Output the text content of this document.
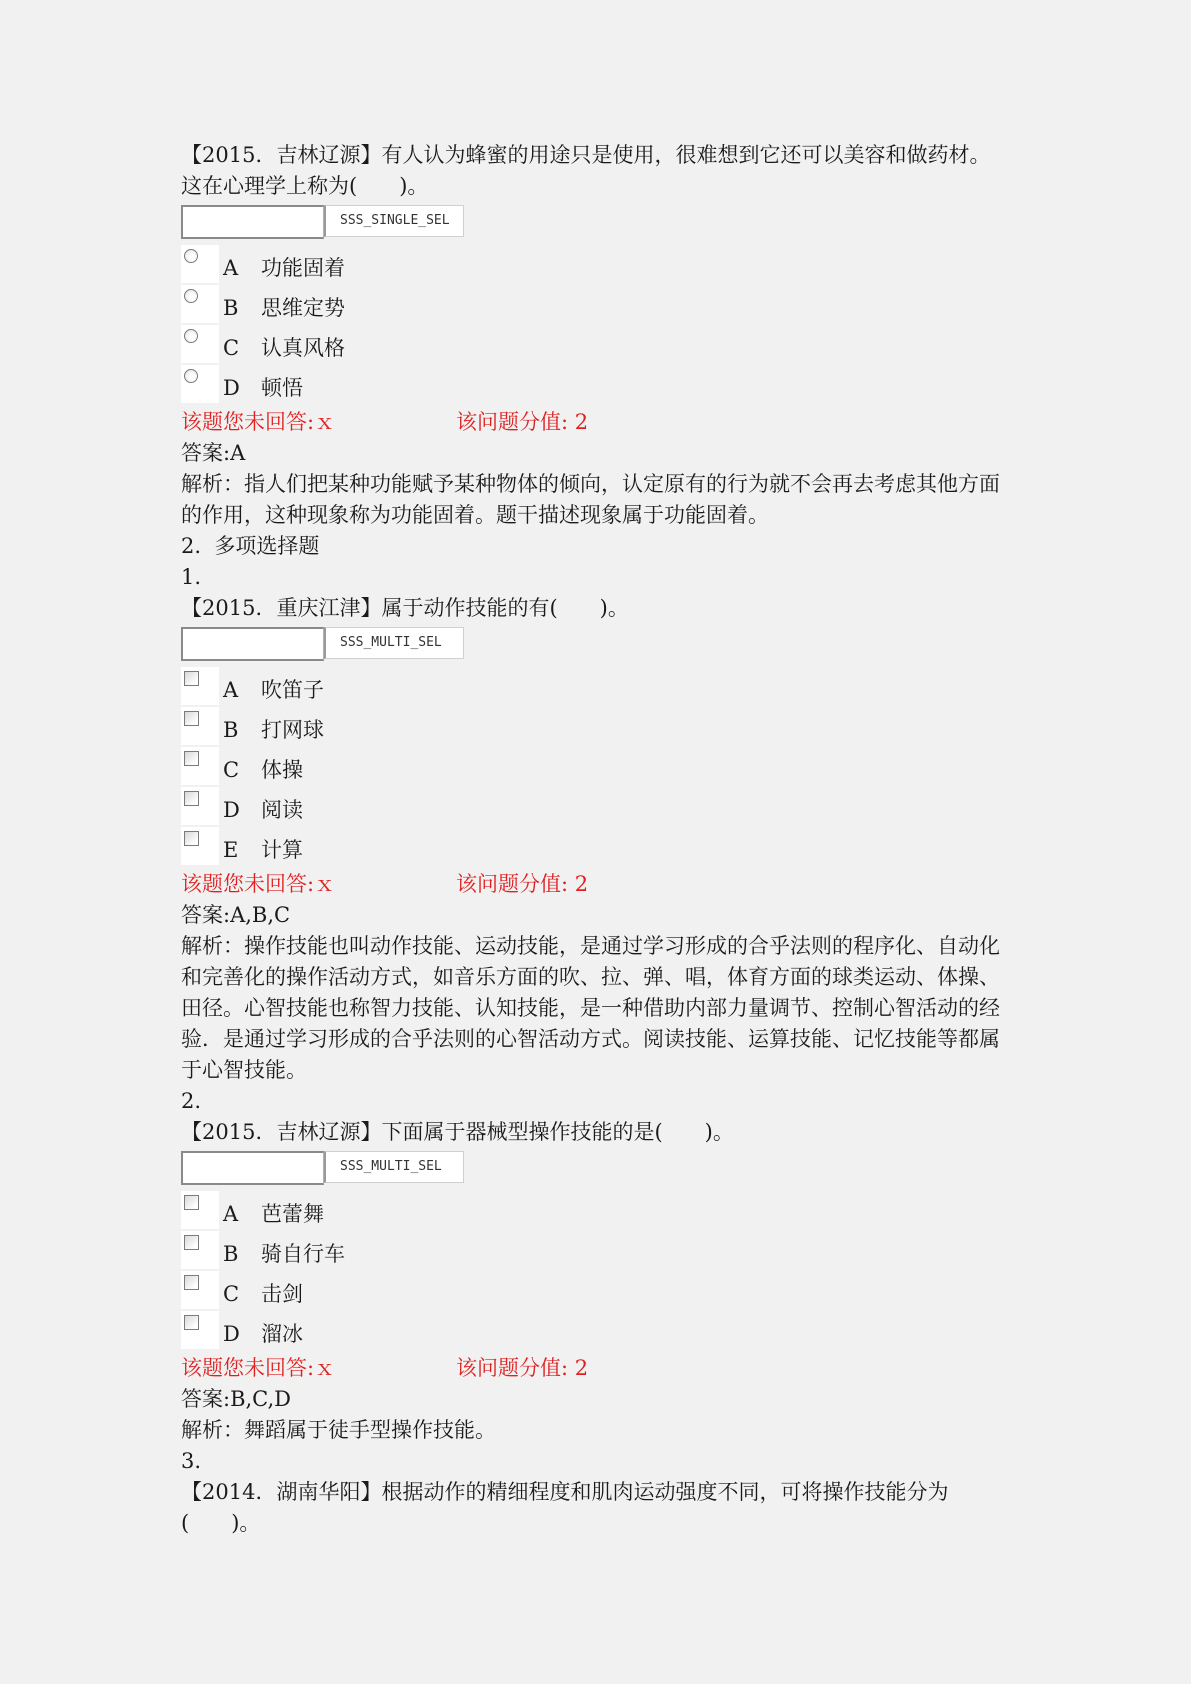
【2015．吉林辽源】有人认为蜂蜜的用途只是使用，很难想到它还可以美容和做药材。这在心理学上称为(　　)。

SSS_SINGLE_SEL
A	功能固着
B	思维定势
C	认真风格
D	顿悟
该题您未回答:ｘ	该问题分值: 2

答案:A

解析：指人们把某种功能赋予某种物体的倾向，认定原有的行为就不会再去考虑其他方面的作用，这种现象称为功能固着。题干描述现象属于功能固着。

2.  多项选择题

1.

【2015．重庆江津】属于动作技能的有(　　)。

SSS_MULTI_SEL
A	吹笛子
B	打网球
C	体操
D	阅读
E	计算
该题您未回答:ｘ	该问题分值: 2

答案:A,B,C

解析：操作技能也叫动作技能、运动技能，是通过学习形成的合乎法则的程序化、自动化和完善化的操作活动方式，如音乐方面的吹、拉、弹、唱，体育方面的球类运动、体操、田径。心智技能也称智力技能、认知技能，是一种借助内部力量调节、控制心智活动的经验．是通过学习形成的合乎法则的心智活动方式。阅读技能、运算技能、记忆技能等都属于心智技能。

2.

【2015．吉林辽源】下面属于器械型操作技能的是(　　)。

SSS_MULTI_SEL
A	芭蕾舞
B	骑自行车
C	击剑
D	溜冰
该题您未回答:ｘ	该问题分值: 2

答案:B,C,D

解析：舞蹈属于徒手型操作技能。

3.

【2014．湖南华阳】根据动作的精细程度和肌肉运动强度不同，可将操作技能分为(　　)。
